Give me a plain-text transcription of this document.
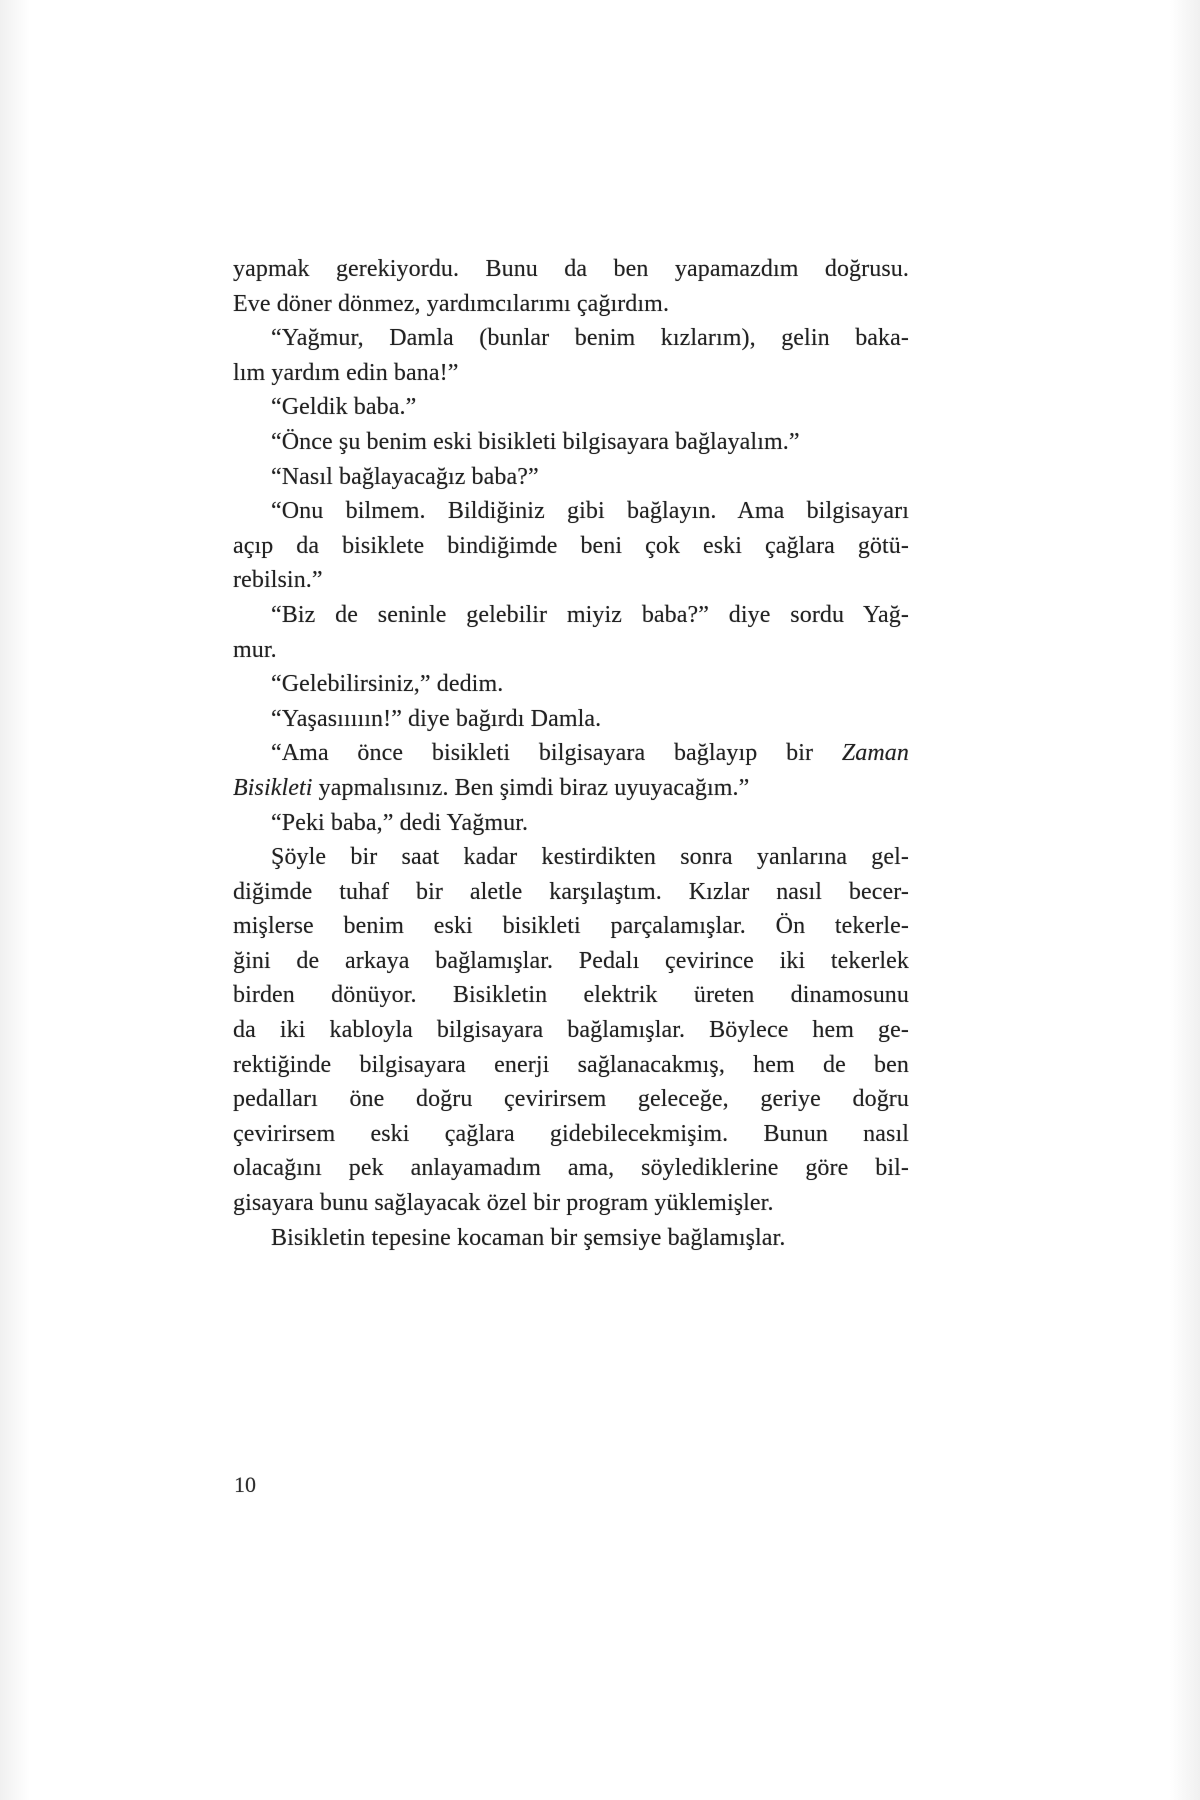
yapmak gerekiyordu. Bunu da ben yapamazdım doğrusu.
Eve döner dönmez, yardımcılarımı çağırdım.
“Yağmur, Damla (bunlar benim kızlarım), gelin baka-
lım yardım edin bana!”
“Geldik baba.”
“Önce şu benim eski bisikleti bilgisayara bağlayalım.”
“Nasıl bağlayacağız baba?”
“Onu bilmem. Bildiğiniz gibi bağlayın. Ama bilgisayarı
açıp da bisiklete bindiğimde beni çok eski çağlara götü-
rebilsin.”
“Biz de seninle gelebilir miyiz baba?” diye sordu Yağ-
mur.
“Gelebilirsiniz,” dedim.
“Yaşasııııın!” diye bağırdı Damla.
“Ama önce bisikleti bilgisayara bağlayıp bir Zaman
Bisikleti yapmalısınız. Ben şimdi biraz uyuyacağım.”
“Peki baba,” dedi Yağmur.
Şöyle bir saat kadar kestirdikten sonra yanlarına gel-
diğimde tuhaf bir aletle karşılaştım. Kızlar nasıl becer-
mişlerse benim eski bisikleti parçalamışlar. Ön tekerle-
ğini de arkaya bağlamışlar. Pedalı çevirince iki tekerlek
birden dönüyor. Bisikletin elektrik üreten dinamosunu
da iki kabloyla bilgisayara bağlamışlar. Böylece hem ge-
rektiğinde bilgisayara enerji sağlanacakmış, hem de ben
pedalları öne doğru çevirirsem geleceğe, geriye doğru
çevirirsem eski çağlara gidebilecekmişim. Bunun nasıl
olacağını pek anlayamadım ama, söylediklerine göre bil-
gisayara bunu sağlayacak özel bir program yüklemişler.
Bisikletin tepesine kocaman bir şemsiye bağlamışlar.
10
